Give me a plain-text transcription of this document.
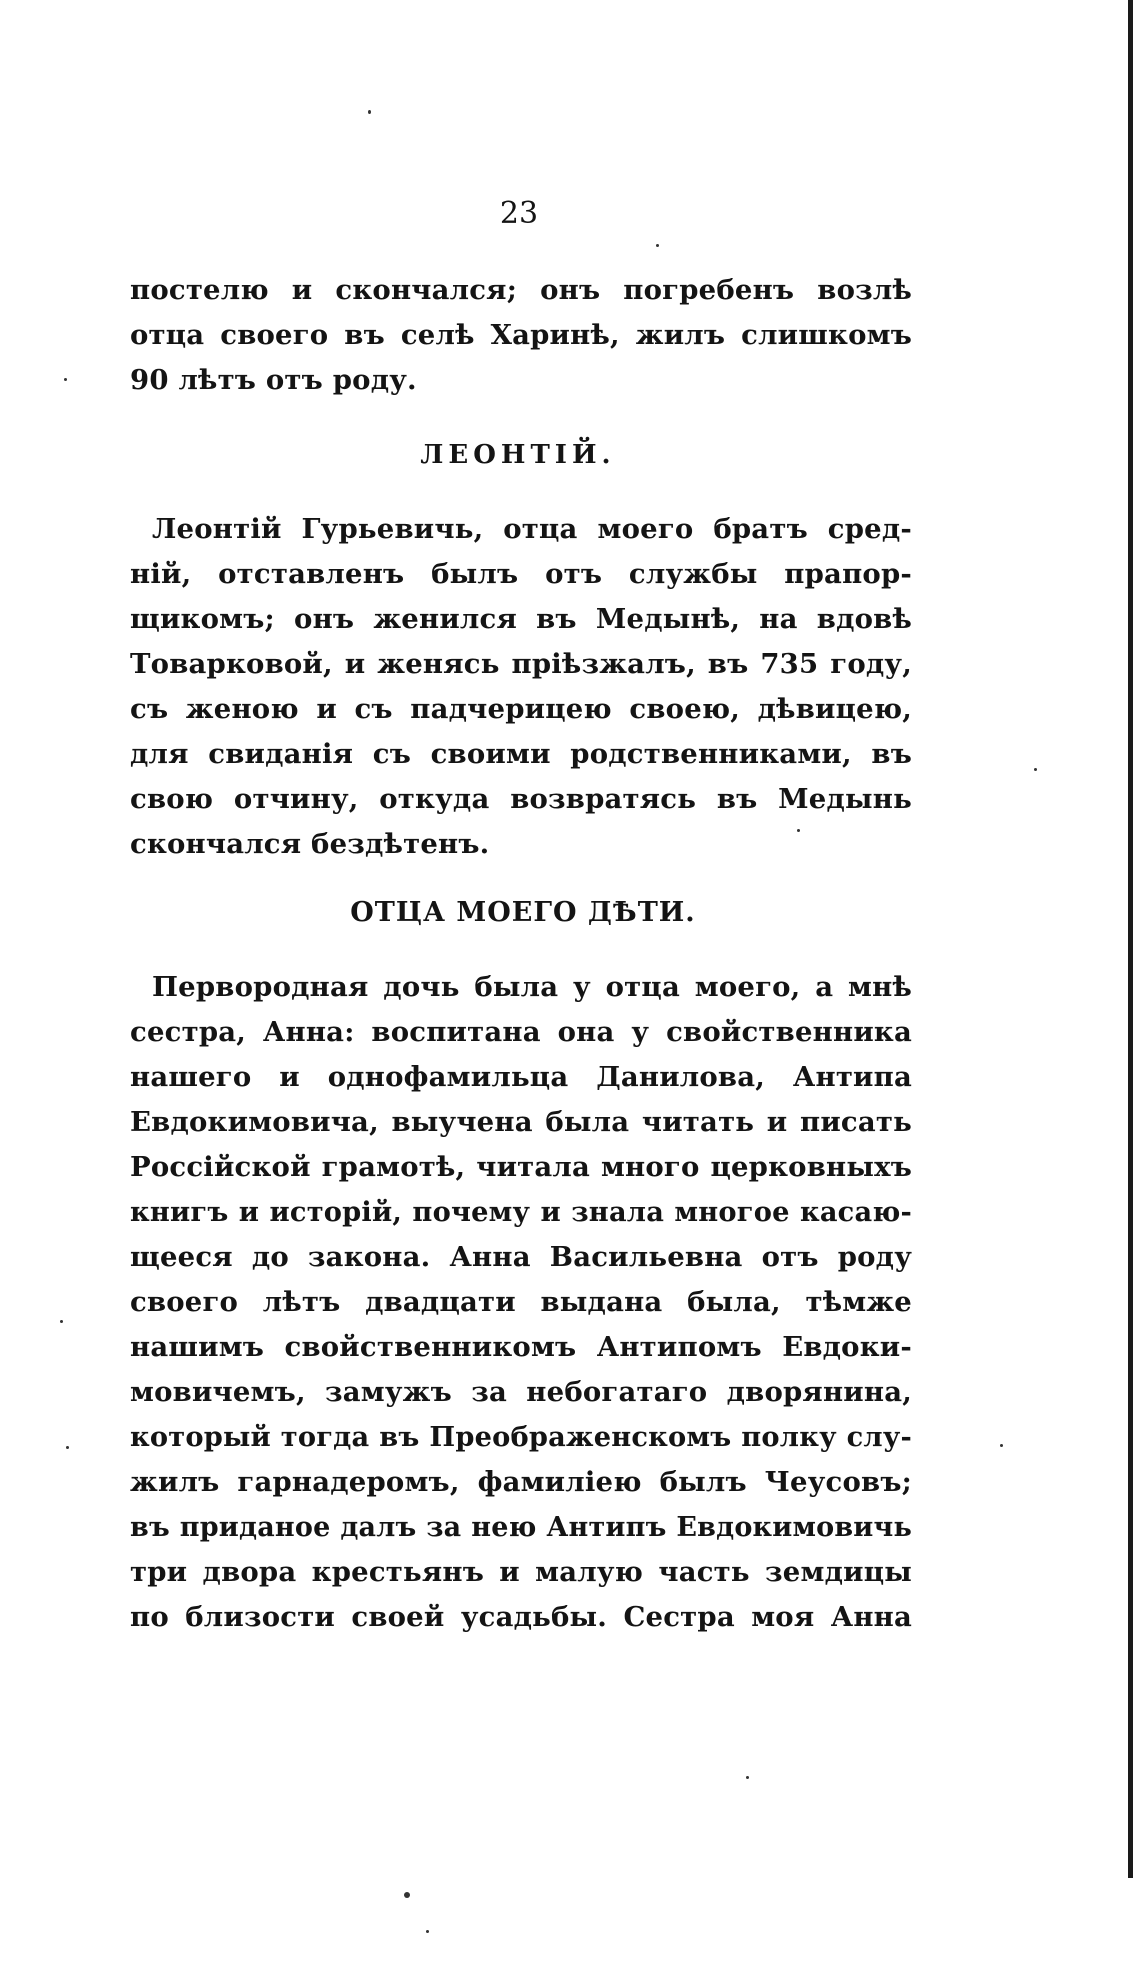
23
постелю и скончался; онъ погребенъ возлѣ
отца своего въ селѣ Харинѣ, жилъ слишкомъ
90 лѣтъ отъ роду.
ЛЕОНТІЙ.
Леонтій Гурьевичь, отца моего братъ сред-
ній, отставленъ былъ отъ службы прапор-
щикомъ; онъ женился въ Медынѣ, на вдовѣ
Товарковой, и женясь пріѣзжалъ, въ 735 году,
съ женою и съ падчерицею своею, дѣвицею,
для свиданія съ своими родственниками, въ
свою отчину, откуда возвратясь въ Медынь
скончался бездѣтенъ.
ОТЦА МОЕГО ДѢТИ.
Первородная дочь была у отца моего, а мнѣ
сестра, Анна: воспитана она у свойственника
нашего и однофамильца Данилова, Антипа
Евдокимовича, выучена была читать и писать
Россійской грамотѣ, читала много церковныхъ
книгъ и исторій, почему и знала многое касаю-
щееся до закона. Анна Васильевна отъ роду
своего лѣтъ двадцати выдана была, тѣмже
нашимъ свойственникомъ Антипомъ Евдоки-
мовичемъ, замужъ за небогатаго дворянина,
который тогда въ Преображенскомъ полку слу-
жилъ гарнадеромъ, фамиліею былъ Чеусовъ;
въ приданое далъ за нею Антипъ Евдокимовичь
три двора крестьянъ и малую часть земдицы
по близости своей усадьбы. Сестра моя Анна
